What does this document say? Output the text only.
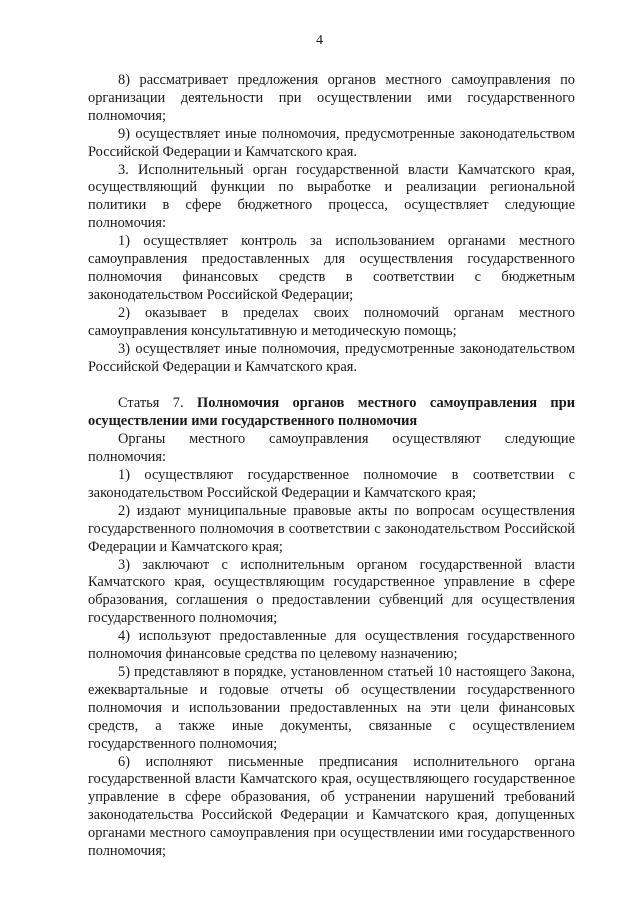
4

8) рассматривает предложения органов местного самоуправления по организации деятельности при осуществлении ими государственного полномочия;

9) осуществляет иные полномочия, предусмотренные законодательством Российской Федерации и Камчатского края.

3. Исполнительный орган государственной власти Камчатского края, осуществляющий функции по выработке и реализации региональной политики в сфере бюджетного процесса, осуществляет следующие полномочия:

1) осуществляет контроль за использованием органами местного самоуправления предоставленных для осуществления государственного полномочия финансовых средств в соответствии с бюджетным законодательством Российской Федерации;

2) оказывает в пределах своих полномочий органам местного самоуправления консультативную и методическую помощь;

3) осуществляет иные полномочия, предусмотренные законодательством Российской Федерации и Камчатского края.

Статья 7. Полномочия органов местного самоуправления при осуществлении ими государственного полномочия

Органы местного самоуправления осуществляют следующие полномочия:

1) осуществляют государственное полномочие в соответствии с законодательством Российской Федерации и Камчатского края;

2) издают муниципальные правовые акты по вопросам осуществления государственного полномочия в соответствии с законодательством Российской Федерации и Камчатского края;

3) заключают с исполнительным органом государственной власти Камчатского края, осуществляющим государственное управление в сфере образования, соглашения о предоставлении субвенций для осуществления государственного полномочия;

4) используют предоставленные для осуществления государственного полномочия финансовые средства по целевому назначению;

5) представляют в порядке, установленном статьей 10 настоящего Закона, ежеквартальные и годовые отчеты об осуществлении государственного полномочия и использовании предоставленных на эти цели финансовых средств, а также иные документы, связанные с осуществлением государственного полномочия;

6) исполняют письменные предписания исполнительного органа государственной власти Камчатского края, осуществляющего государственное управление в сфере образования, об устранении нарушений требований законодательства Российской Федерации и Камчатского края, допущенных органами местного самоуправления при осуществлении ими государственного полномочия;
